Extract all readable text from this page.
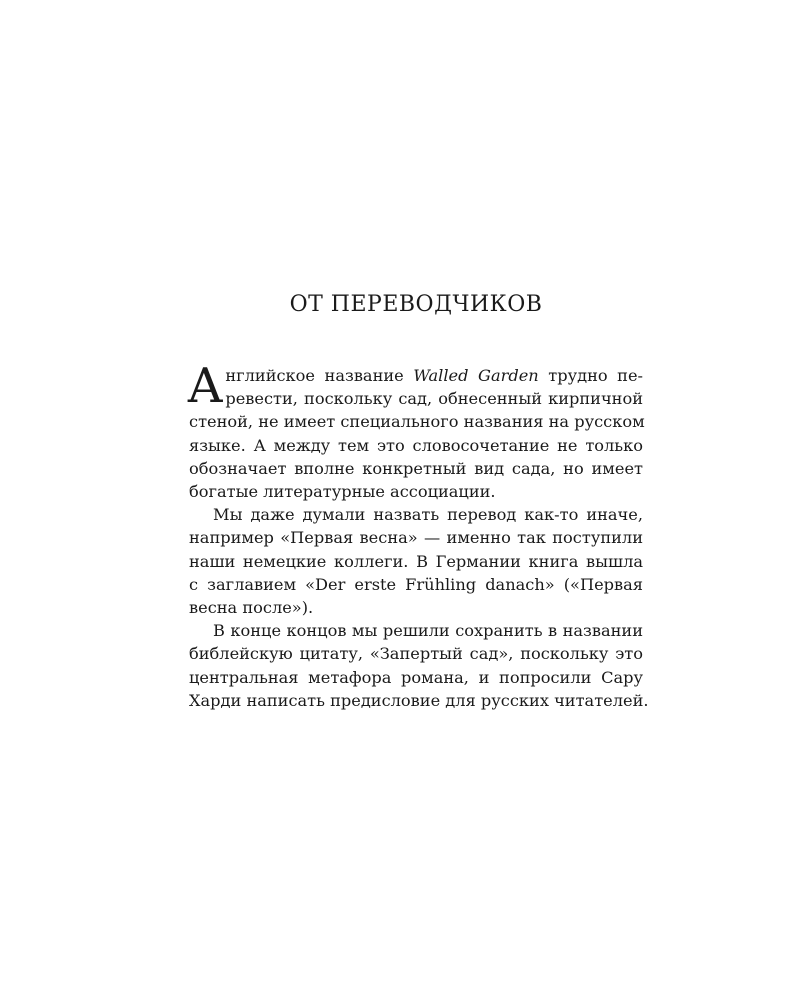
ОТ ПЕРЕВОДЧИКОВ
А нглийское название Walled Garden трудно пе-
ревести, поскольку сад, обнесенный кирпичной
стеной, не имеет специального названия на русском
языке. А между тем это словосочетание не только
обозначает вполне конкретный вид сада, но имеет
богатые литературные ассоциации.
Мы даже думали назвать перевод как-то иначе,
например «Первая весна» — именно так поступили
наши немецкие коллеги. В Германии книга вышла
с заглавием «Der erste Frühling danach» («Первая
весна после»).
В конце концов мы решили сохранить в названии
библейскую цитату, «Запертый сад», поскольку это
центральная метафора романа, и попросили Сару
Харди написать предисловие для русских читателей.
